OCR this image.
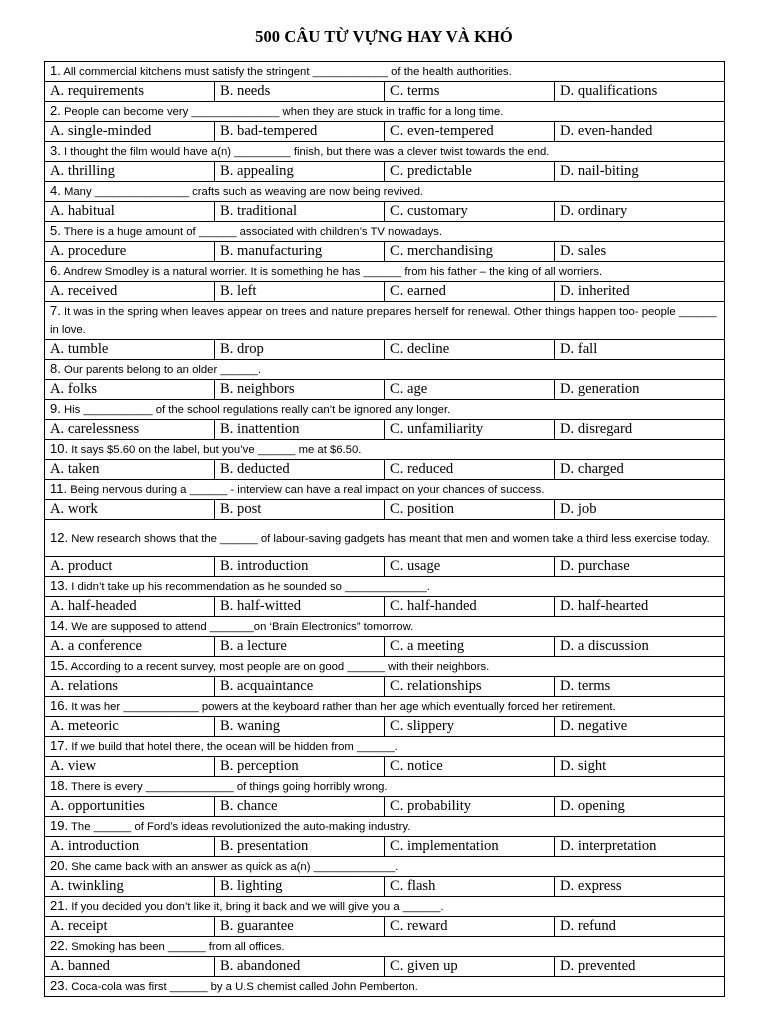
500 CÂU TỪ VỰNG HAY VÀ KHÓ
1. All commercial kitchens must satisfy the stringent ____________ of the health authorities.			
A. requirements	B. needs	C. terms	D. qualifications
2. People can become very ______________ when they are stuck in traffic for a long time.			
A. single-minded	B. bad-tempered	C. even-tempered	D. even-handed
3. I thought the film would have a(n) _________ finish, but there was a clever twist towards the end.			
A. thrilling	B. appealing	C. predictable	D. nail-biting
4. Many _______________ crafts such as weaving are now being revived.			
A. habitual	B. traditional	C. customary	D. ordinary
5. There is a huge amount of ______ associated with children’s TV nowadays.			
A. procedure	B. manufacturing	C. merchandising	D. sales
6. Andrew Smodley is a natural worrier. It is something he has ______ from his father – the king of all worriers.			
A. received	B. left	C. earned	D. inherited
7. It was in the spring when leaves appear on trees and nature prepares herself for renewal. Other things happen too- people ______ in love.			
A. tumble	B. drop	C. decline	D. fall
8. Our parents belong to an older ______.			
A. folks	B. neighbors	C. age	D. generation
9. His ___________ of the school regulations really can’t be ignored any longer.			
A. carelessness	B. inattention	C. unfamiliarity	D. disregard
10. It says $5.60 on the label, but you’ve ______ me at $6.50.			
A. taken	B. deducted	C. reduced	D. charged
11. Being nervous during a ______ - interview can have a real impact on your chances of success.			
A. work	B. post	C. position	D. job
12. New research shows that the ______ of labour-saving gadgets has meant that men and women take a third less exercise today.			
A. product	B. introduction	C. usage	D. purchase
13. I didn’t take up his recommendation as he sounded so _____________.			
A. half-headed	B. half-witted	C. half-handed	D. half-hearted
14. We are supposed to attend _______on ‘Brain Electronics” tomorrow.			
A. a conference	B. a lecture	C. a meeting	D. a discussion
15. According to a recent survey, most people are on good ______ with their neighbors.			
A. relations	B. acquaintance	C. relationships	D. terms
16. It was her ____________ powers at the keyboard rather than her age which eventually forced her retirement.			
A. meteoric	B. waning	C. slippery	D. negative
17. If we build that hotel there, the ocean will be hidden from ______.			
A. view	B. perception	C. notice	D. sight
18. There is every ______________ of things going horribly wrong.			
A. opportunities	B. chance	C. probability	D. opening
19. The ______ of Ford’s ideas revolutionized the auto-making industry.			
A. introduction	B. presentation	C. implementation	D. interpretation
20. She came back with an answer as quick as a(n) _____________.			
A. twinkling	B. lighting	C. flash	D. express
21. If you decided you don’t like it, bring it back and we will give you a ______.			
A. receipt	B. guarantee	C. reward	D. refund
22. Smoking has been ______ from all offices.			
A. banned	B. abandoned	C. given up	D. prevented
23. Coca-cola was first ______ by a U.S chemist called John Pemberton.			
